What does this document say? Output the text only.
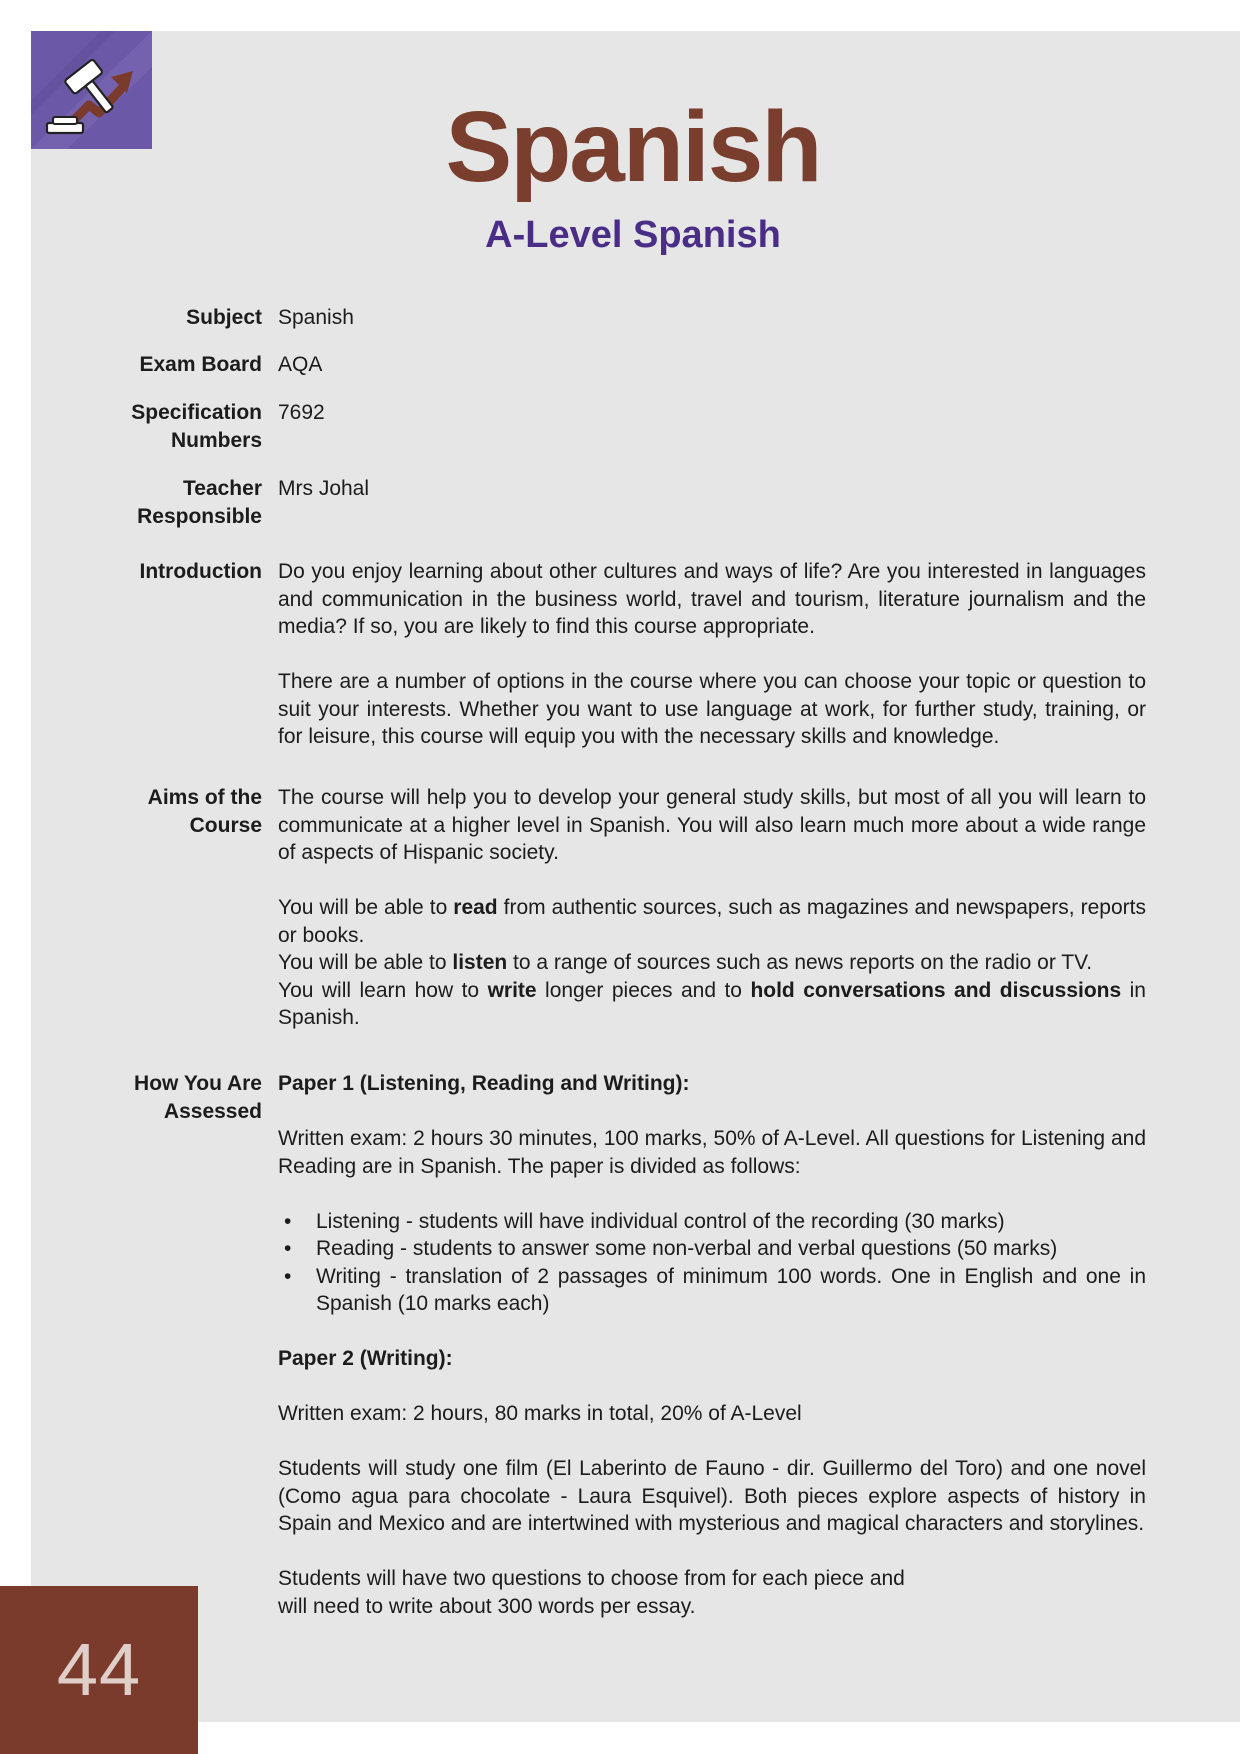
Spanish
A-Level Spanish
Subject Spanish
Exam Board AQA
Specification Numbers
7692
Teacher Responsible
Mrs Johal
Introduction Do you enjoy learning about other cultures and ways of life? Are you interested in languages and communication in the business world, travel and tourism, literature journalism and the media? If so, you are likely to find this course appropriate.

There are a number of options in the course where you can choose your topic or question to suit your interests. Whether you want to use language at work, for further study, training, or for leisure, this course will equip you with the necessary skills and knowledge.

Aims of the Course

The course will help you to develop your general study skills, but most of all you will learn to communicate at a higher level in Spanish. You will also learn much more about a wide range of aspects of Hispanic society.

You will be able to read from authentic sources, such as magazines and newspapers, reports or books.
You will be able to listen to a range of sources such as news reports on the radio or TV.
You will learn how to write longer pieces and to hold conversations and discussions in Spanish.
How You Are Assessed

Paper 1 (Listening, Reading and Writing):

Written exam: 2 hours 30 minutes, 100 marks, 50% of A-Level. All questions for Listening and Reading are in Spanish. The paper is divided as follows:

• Listening - students will have individual control of the recording (30 marks)
• Reading - students to answer some non-verbal and verbal questions (50 marks)
• Writing - translation of 2 passages of minimum 100 words. One in English and one in Spanish (10 marks each)

Paper 2 (Writing):

Written exam: 2 hours, 80 marks in total, 20% of A-Level

Students will study one film (El Laberinto de Fauno - dir. Guillermo del Toro) and one novel (Como agua para chocolate - Laura Esquivel). Both pieces explore aspects of history in Spain and Mexico and are intertwined with mysterious and magical characters and storylines.

Students will have two questions to choose from for each piece and
will need to write about 300 words per essay.
44
